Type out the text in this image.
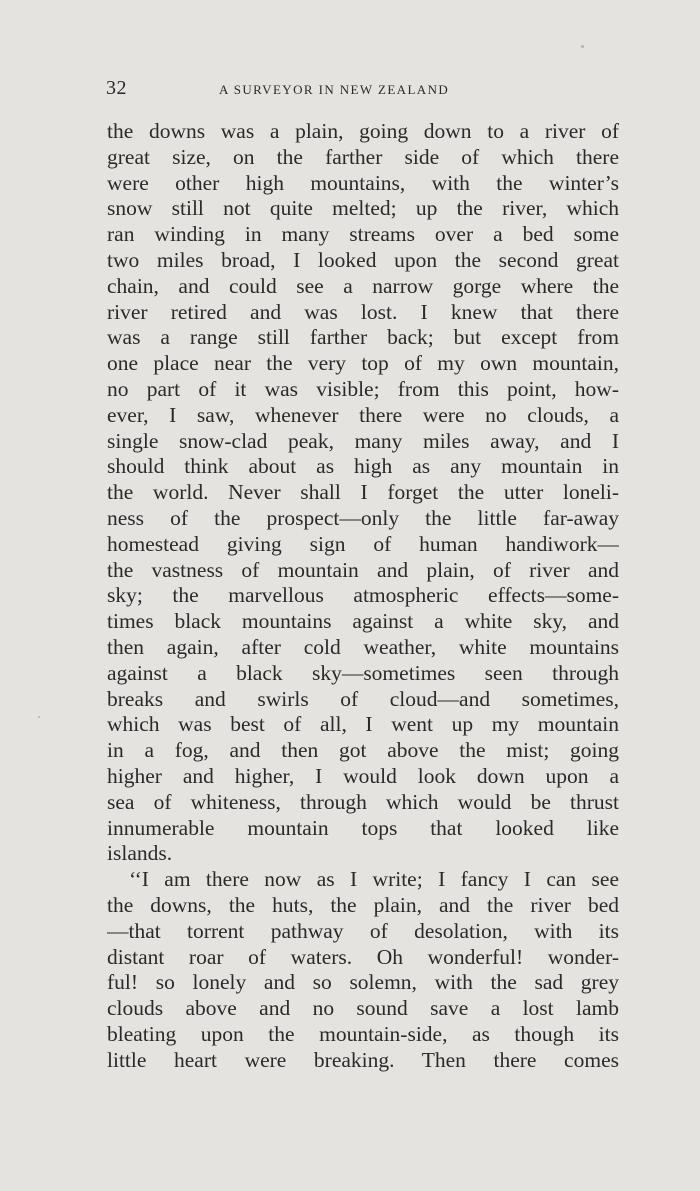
32	A SURVEYOR IN NEW ZEALAND
the downs was a plain, going down to a river of
great size, on the farther side of which there
were other high mountains, with the winter’s
snow still not quite melted; up the river, which
ran winding in many streams over a bed some
two miles broad, I looked upon the second great
chain, and could see a narrow gorge where the
river retired and was lost. I knew that there
was a range still farther back; but except from
one place near the very top of my own mountain,
no part of it was visible; from this point, how-
ever, I saw, whenever there were no clouds, a
single snow-clad peak, many miles away, and I
should think about as high as any mountain in
the world. Never shall I forget the utter loneli-
ness of the prospect—only the little far-away
homestead giving sign of human handiwork—
the vastness of mountain and plain, of river and
sky; the marvellous atmospheric effects—some-
times black mountains against a white sky, and
then again, after cold weather, white mountains
against a black sky—sometimes seen through
breaks and swirls of cloud—and sometimes,
which was best of all, I went up my mountain
in a fog, and then got above the mist; going
higher and higher, I would look down upon a
sea of whiteness, through which would be thrust
innumerable mountain tops that looked like
islands.
‘‘I am there now as I write; I fancy I can see
the downs, the huts, the plain, and the river bed
—that torrent pathway of desolation, with its
distant roar of waters. Oh wonderful! wonder-
ful! so lonely and so solemn, with the sad grey
clouds above and no sound save a lost lamb
bleating upon the mountain-side, as though its
little heart were breaking. Then there comes
